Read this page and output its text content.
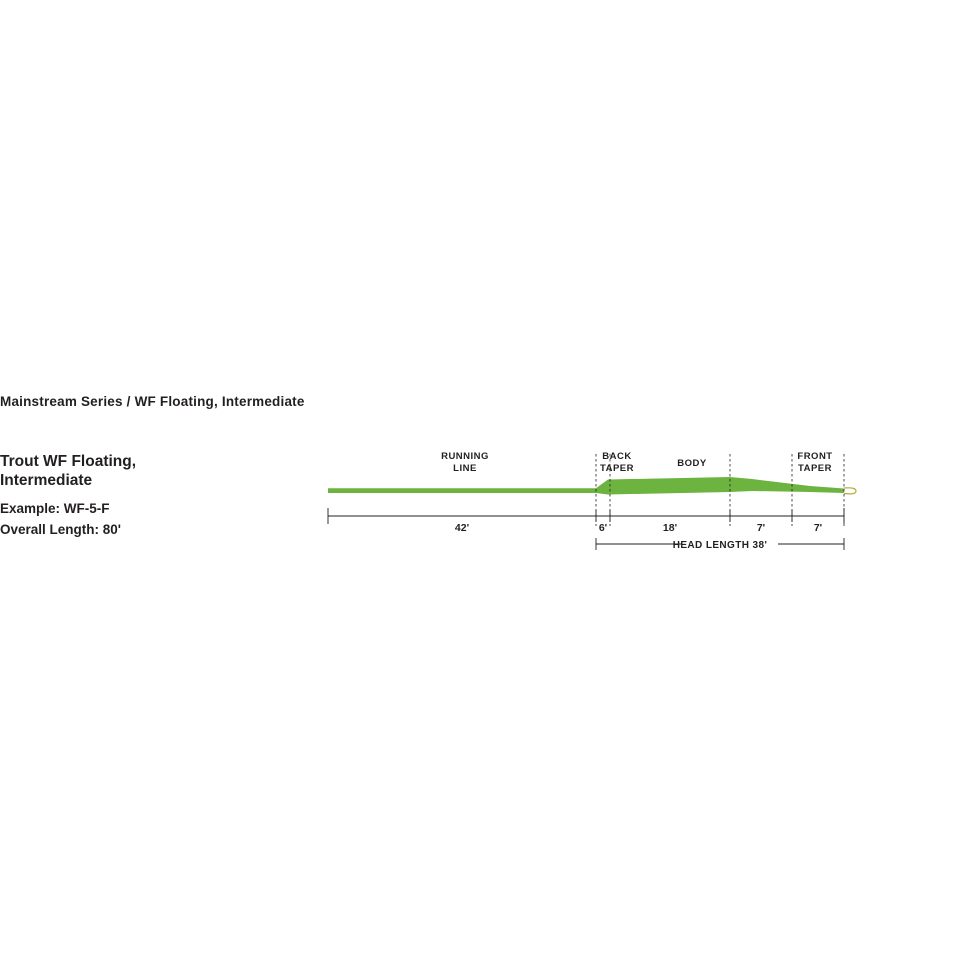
Mainstream Series / WF Floating, Intermediate
Trout WF Floating, Intermediate
Example: WF-5-F
Overall Length: 80'
HEAD LENGTH 38'
RUNNING
LINE
BACK
TAPER	BODY
FRONT
TAPER
42'	6'	18'	7'	7'
